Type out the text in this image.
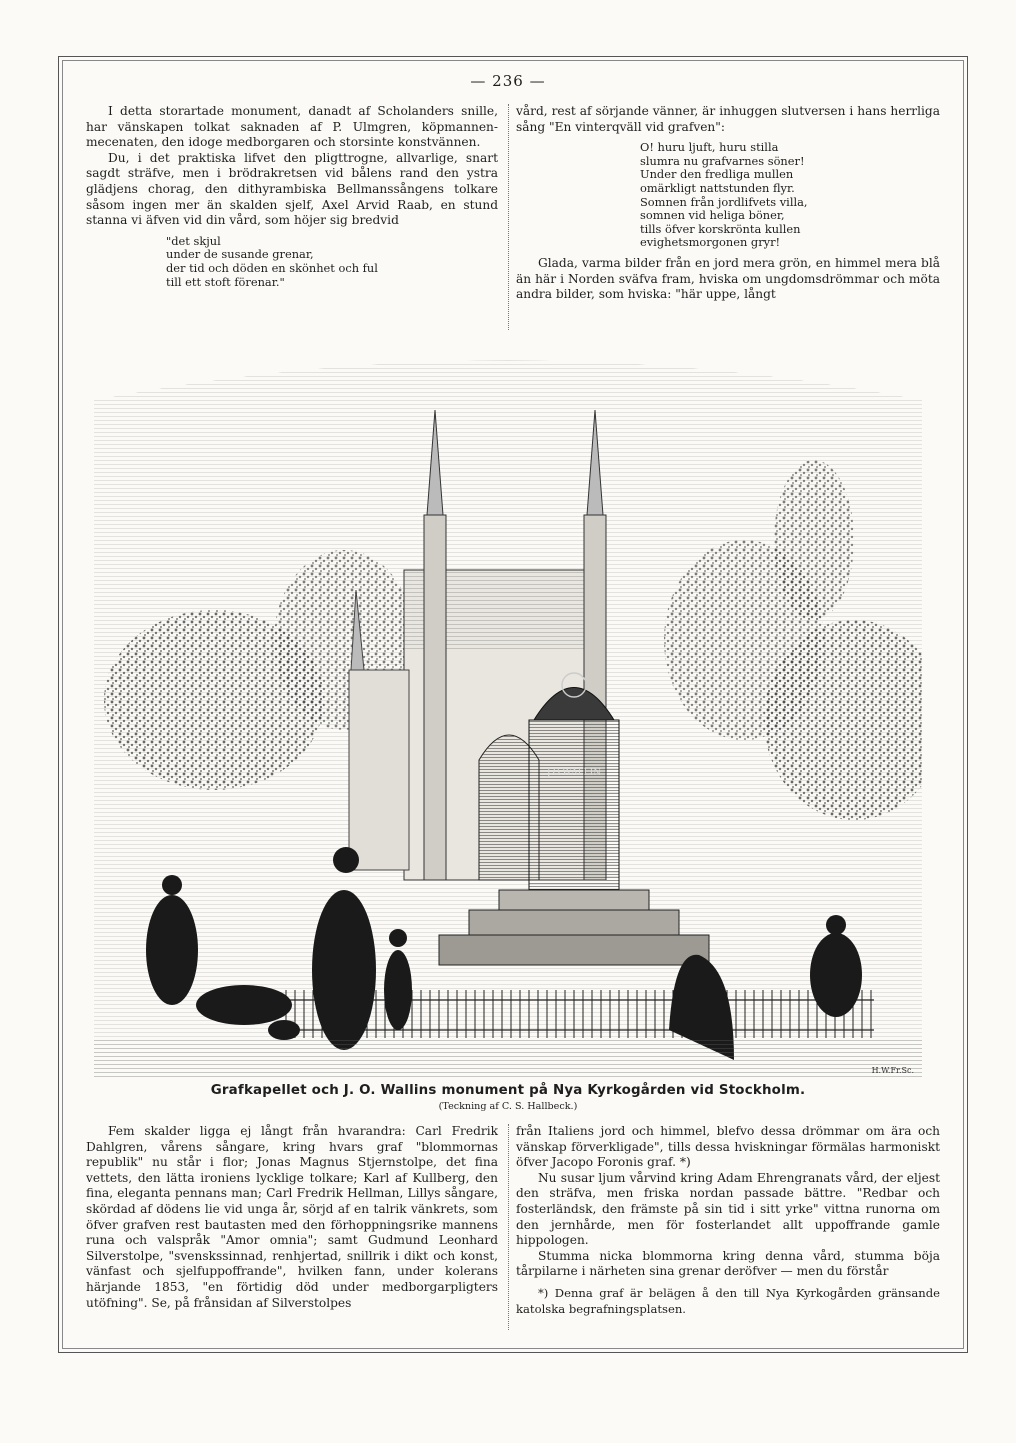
— 236 —

I detta storartade monument, danadt af Scholanders snille, har vänskapen tolkat saknaden af P. Ulmgren, köpmannen-mecenaten, den idoge medborgaren och storsinte konstvännen.

Du, i det praktiska lifvet den pligttrogne, allvarlige, snart sagdt sträfve, men i brödrakretsen vid bålens rand den ystra glädjens chorag, den dithyrambiska Bellmanssångens tolkare såsom ingen mer än skalden sjelf, Axel Arvid Raab, en stund stanna vi äfven vid din vård, som höjer sig bredvid

"det skjul
under de susande grenar,
der tid och döden en skönhet och ful
till ett stoft förenar."

vård, rest af sörjande vänner, är inhuggen slutversen i hans herrliga sång "En vinterqväll vid grafven":

O! huru ljuft, huru stilla
slumra nu grafvarnes söner!
Under den fredliga mullen
omärkligt nattstunden flyr.
Somnen från jordlifvets villa,
somnen vid heliga böner,
tills öfver korskrönta kullen
evighetsmorgonen gryr!

Glada, varma bilder från en jord mera grön, en himmel mera blå än här i Norden sväfva fram, hviska om ungdomsdrömmar och möta andra bilder, som hviska: "här uppe, långt

J.O.WALLIN
H.W.Fr.Sc.
Grafkapellet och J. O. Wallins monument på Nya Kyrkogården vid Stockholm.
(Teckning af C. S. Hallbeck.)

Fem skalder ligga ej långt från hvarandra: Carl Fredrik Dahlgren, vårens sångare, kring hvars graf "blommornas republik" nu står i flor; Jonas Magnus Stjernstolpe, det fina vettets, den lätta ironiens lycklige tolkare; Karl af Kullberg, den fina, eleganta pennans man; Carl Fredrik Hellman, Lillys sångare, skördad af dödens lie vid unga år, sörjd af en talrik vänkrets, som öfver grafven rest bautasten med den förhoppningsrike mannens runa och valspråk "Amor omnia"; samt Gudmund Leonhard Silverstolpe, "svenskssinnad, renhjertad, snillrik i dikt och konst, vänfast och sjelfuppoffrande", hvilken fann, under kolerans härjande 1853, "en förtidig död under medborgarpligters utöfning". Se, på frånsidan af Silverstolpes

från Italiens jord och himmel, blefvo dessa drömmar om ära och vänskap förverkligade", tills dessa hviskningar förmälas harmoniskt öfver Jacopo Foronis graf. *)

Nu susar ljum vårvind kring Adam Ehrengranats vård, der eljest den sträfva, men friska nordan passade bättre. "Redbar och fosterländsk, den främste på sin tid i sitt yrke" vittna runorna om den jernhårde, men för fosterlandet allt uppoffrande gamle hippologen.

Stumma nicka blommorna kring denna vård, stumma böja tårpilarne i närheten sina grenar deröfver — men du förstår

*) Denna graf är belägen å den till Nya Kyrkogården gränsande katolska begrafningsplatsen.
